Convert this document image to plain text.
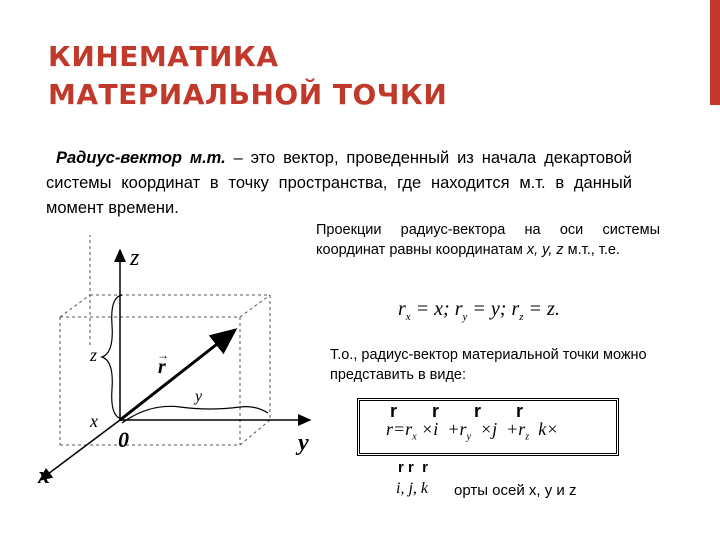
КИНЕМАТИКА
МАТЕРИАЛЬНОЙ ТОЧКИ

Радиус-вектор м.т. – это вектор, проведенный из начала декартовой системы координат в точку пространства, где находится м.т. в данный момент времени.

z
y
x
0
r
→
z
y
x

Проекции радиус-вектора на оси системы координат равны координатам x, y, z м.т., т.е.

$r_x = x$; $r_y = y$; $r_z = z$.

Т.о., радиус-вектор материальной точки можно представить в виде:

r       r       r       r
$r=r_x \times i +r_y \times j +r_z$ k×
r r  r
i, j, k орты осей x, y и z
